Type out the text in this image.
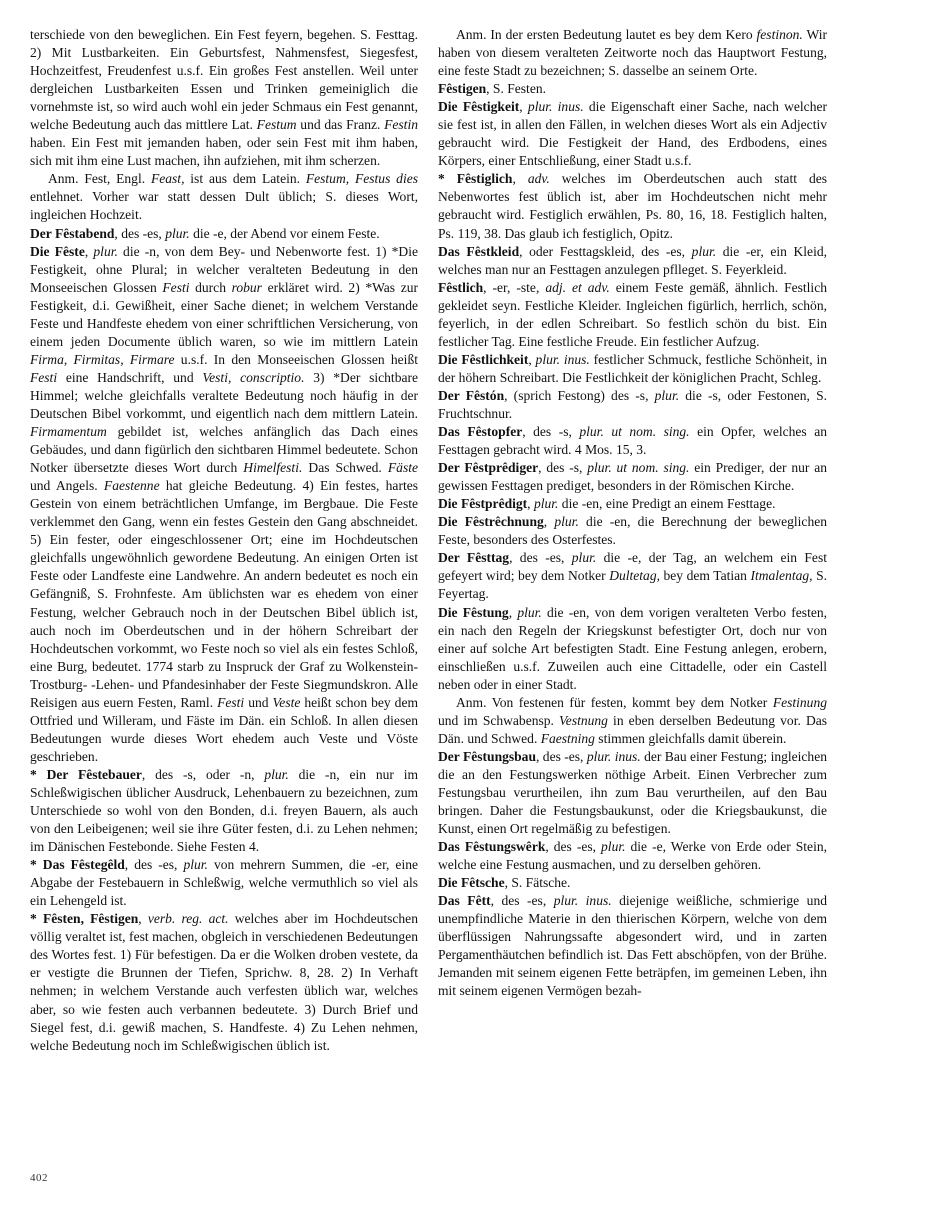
terschiede von den beweglichen. Ein Fest feyern, begehen. S. Festtag. 2) Mit Lustbarkeiten. Ein Geburtsfest, Nahmensfest, Siegesfest, Hochzeitfest, Freudenfest u.s.f. Ein großes Fest anstellen. Weil unter dergleichen Lustbarkeiten Essen und Trinken gemeiniglich die vornehmste ist, so wird auch wohl ein jeder Schmaus ein Fest genannt, welche Bedeutung auch das mittlere Lat. Festum und das Franz. Festin haben. Ein Fest mit jemanden haben, oder sein Fest mit ihm haben, sich mit ihm eine Lust machen, ihn aufziehen, mit ihm scherzen.

Anm. Fest, Engl. Feast, ist aus dem Latein. Festum, Festus dies entlehnet. Vorher war statt dessen Dult üblich; S. dieses Wort, ingleichen Hochzeit.

Der Fêstabend, des -es, plur. die -e, der Abend vor einem Feste.

Die Fêste, plur. die -n, von dem Bey- und Nebenworte fest. 1) *Die Festigkeit, ohne Plural; in welcher veralteten Bedeutung in den Monseeischen Glossen Festi durch robur erkläret wird. 2) *Was zur Festigkeit, d.i. Gewißheit, einer Sache dienet; in welchem Verstande Feste und Handfeste ehedem von einer schriftlichen Versicherung, von einem jeden Documente üblich waren, so wie im mittlern Latein Firma, Firmitas, Firmare u.s.f. In den Monseeischen Glossen heißt Festi eine Handschrift, und Vesti, conscriptio. 3) *Der sichtbare Himmel; welche gleichfalls veraltete Bedeutung noch häufig in der Deutschen Bibel vorkommt, und eigentlich nach dem mittlern Latein. Firmamentum gebildet ist, welches anfänglich das Dach eines Gebäudes, und dann figürlich den sichtbaren Himmel bedeutete. Schon Notker übersetzte dieses Wort durch Himelfesti. Das Schwed. Fäste und Angels. Faestenne hat gleiche Bedeutung. 4) Ein festes, hartes Gestein von einem beträchtlichen Umfange, im Bergbaue. Die Feste verklemmet den Gang, wenn ein festes Gestein den Gang abschneidet. 5) Ein fester, oder eingeschlossener Ort; eine im Hochdeutschen gleichfalls ungewöhnlich gewordene Bedeutung. An einigen Orten ist Feste oder Landfeste eine Landwehre. An andern bedeutet es noch ein Gefängniß, S. Frohnfeste. Am üblichsten war es ehedem von einer Festung, welcher Gebrauch noch in der Deutschen Bibel üblich ist, auch noch im Oberdeutschen und in der höhern Schreibart der Hochdeutschen vorkommt, wo Feste noch so viel als ein festes Schloß, eine Burg, bedeutet. 1774 starb zu Inspruck der Graf zu Wolkenstein-Trostburg- -Lehen- und Pfandesinhaber der Feste Siegmundskron. Alle Reisigen aus euern Festen, Raml. Festi und Veste heißt schon bey dem Ottfried und Willeram, und Fäste im Dän. ein Schloß. In allen diesen Bedeutungen wurde dieses Wort ehedem auch Veste und Vöste geschrieben.

* Der Fêstebauer, des -s, oder -n, plur. die -n, ein nur im Schleßwigischen üblicher Ausdruck, Lehenbauern zu bezeichnen, zum Unterschiede so wohl von den Bonden, d.i. freyen Bauern, als auch von den Leibeigenen; weil sie ihre Güter festen, d.i. zu Lehen nehmen; im Dänischen Festebonde. Siehe Festen 4.

* Das Fêstegêld, des -es, plur. von mehrern Summen, die -er, eine Abgabe der Festebauern in Schleßwig, welche vermuthlich so viel als ein Lehengeld ist.

* Fêsten, Fêstigen, verb. reg. act. welches aber im Hochdeutschen völlig veraltet ist, fest machen, obgleich in verschiedenen Bedeutungen des Wortes fest. 1) Für befestigen. Da er die Wolken droben vestete, da er vestigte die Brunnen der Tiefen, Sprichw. 8, 28. 2) In Verhaft nehmen; in welchem Verstande auch verfesten üblich war, welches aber, so wie festen auch verbannen bedeutete. 3) Durch Brief und Siegel fest, d.i. gewiß machen, S. Handfeste. 4) Zu Lehen nehmen, welche Bedeutung noch im Schleßwigischen üblich ist.

Anm. In der ersten Bedeutung lautet es bey dem Kero festinon. Wir haben von diesem veralteten Zeitworte noch das Hauptwort Festung, eine feste Stadt zu bezeichnen; S. dasselbe an seinem Orte.

Fêstigen, S. Festen.

Die Fêstigkeit, plur. inus. die Eigenschaft einer Sache, nach welcher sie fest ist, in allen den Fällen, in welchen dieses Wort als ein Adjectiv gebraucht wird. Die Festigkeit der Hand, des Erdbodens, eines Körpers, einer Entschließung, einer Stadt u.s.f.

* Fêstiglich, adv. welches im Oberdeutschen auch statt des Nebenwortes fest üblich ist, aber im Hochdeutschen nicht mehr gebraucht wird. Festiglich erwählen, Ps. 80, 16, 18. Festiglich halten, Ps. 119, 38. Das glaub ich festiglich, Opitz.

Das Fêstkleid, oder Festtagskleid, des -es, plur. die -er, ein Kleid, welches man nur an Festtagen anzulegen pflleget. S. Feyerkleid.

Fêstlich, -er, -ste, adj. et adv. einem Feste gemäß, ähnlich. Festlich gekleidet seyn. Festliche Kleider. Ingleichen figürlich, herrlich, schön, feyerlich, in der edlen Schreibart. So festlich schön du bist. Ein festlicher Tag. Eine festliche Freude. Ein festlicher Aufzug.

Die Fêstlichkeit, plur. inus. festlicher Schmuck, festliche Schönheit, in der höhern Schreibart. Die Festlichkeit der königlichen Pracht, Schleg.

Der Fêstón, (sprich Festong) des -s, plur. die -s, oder Festonen, S. Fruchtschnur.

Das Fêstopfer, des -s, plur. ut nom. sing. ein Opfer, welches an Festtagen gebracht wird. 4 Mos. 15, 3.

Der Fêstprêdiger, des -s, plur. ut nom. sing. ein Prediger, der nur an gewissen Festtagen prediget, besonders in der Römischen Kirche.

Die Fêstprêdigt, plur. die -en, eine Predigt an einem Festtage.

Die Fêstrêchnung, plur. die -en, die Berechnung der beweglichen Feste, besonders des Osterfestes.

Der Fêsttag, des -es, plur. die -e, der Tag, an welchem ein Fest gefeyert wird; bey dem Notker Dultetag, bey dem Tatian Itmalentag, S. Feyertag.

Die Fêstung, plur. die -en, von dem vorigen veralteten Verbo festen, ein nach den Regeln der Kriegskunst befestigter Ort, doch nur von einer auf solche Art befestigten Stadt. Eine Festung anlegen, erobern, einschließen u.s.f. Zuweilen auch eine Cittadelle, oder ein Castell neben oder in einer Stadt.

Anm. Von festenen für festen, kommt bey dem Notker Festinung und im Schwabensp. Vestnung in eben derselben Bedeutung vor. Das Dän. und Schwed. Faestning stimmen gleichfalls damit überein.

Der Fêstungsbau, des -es, plur. inus. der Bau einer Festung; ingleichen die an den Festungswerken nöthige Arbeit. Einen Verbrecher zum Festungsbau verurtheilen, ihn zum Bau verurtheilen, auf den Bau bringen. Daher die Festungsbaukunst, oder die Kriegsbaukunst, die Kunst, einen Ort regelmäßig zu befestigen.

Das Fêstungswêrk, des -es, plur. die -e, Werke von Erde oder Stein, welche eine Festung ausmachen, und zu derselben gehören.

Die Fêtsche, S. Fätsche.

Das Fêtt, des -es, plur. inus. diejenige weißliche, schmierige und unempfindliche Materie in den thierischen Körpern, welche von dem überflüssigen Nahrungssafte abgesondert wird, und in zarten Pergamenthäutchen befindlich ist. Das Fett abschöpfen, von der Brühe. Jemanden mit seinem eigenen Fette beträpfen, im gemeinen Leben, ihn mit seinem eigenen Vermögen bezah-

402
